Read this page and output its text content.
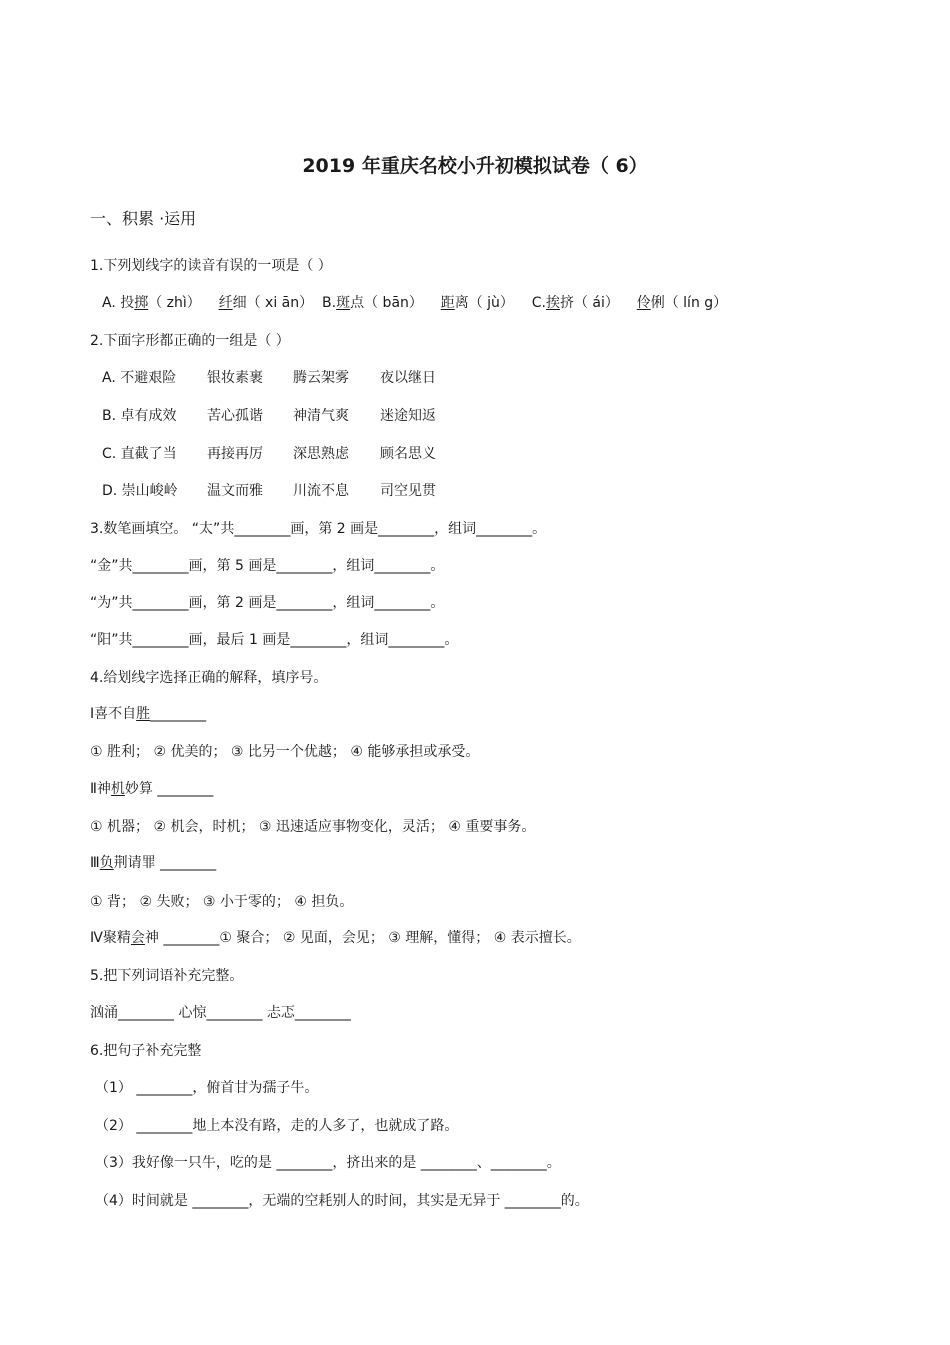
2019 年重庆名校小升初模拟试卷（ 6）
一、积累 ·运用
1.下列划线字的读音有误的一项是（ ）
A. 投掷（ zhì） 纤细（ xi ān） B.斑点（ bān） 距离（ jù） C.挨挤（ ái） 伶俐（ lín g）
2.下面字形都正确的一组是（ ）
A. 不避艰险 银妆素裹 腾云架雾 夜以继日
B. 卓有成效 苦心孤谐 神清气爽 迷途知返
C. 直截了当 再接再厉 深思熟虑 顾名思义
D. 崇山峻岭 温文而雅 川流不息 司空见贯
3.数笔画填空。 “太”共________画，第 2 画是________，组词________。
“金”共________画，第 5 画是________，组词________。
“为”共________画，第 2 画是________，组词________。
“阳”共________画，最后 1 画是________，组词________。
4.给划线字选择正确的解释，填序号。
Ⅰ喜不自胜________
① 胜利； ② 优美的； ③ 比另一个优越； ④ 能够承担或承受。
Ⅱ神机妙算 ________
① 机器； ② 机会，时机； ③ 迅速适应事物变化，灵活； ④ 重要事务。
Ⅲ负荆请罪 ________
① 背； ② 失败； ③ 小于零的； ④ 担负。
Ⅳ聚精会神 ________① 聚合； ② 见面，会见； ③ 理解，懂得； ④ 表示擅长。
5.把下列词语补充完整。
汹涌________ 心惊________ 忐忑________
6.把句子补充完整
（1） ________，俯首甘为孺子牛。
（2） ________地上本没有路，走的人多了，也就成了路。
（3）我好像一只牛，吃的是 ________，挤出来的是 ________、________。
（4）时间就是 ________，无端的空耗别人的时间，其实是无异于 ________的。
